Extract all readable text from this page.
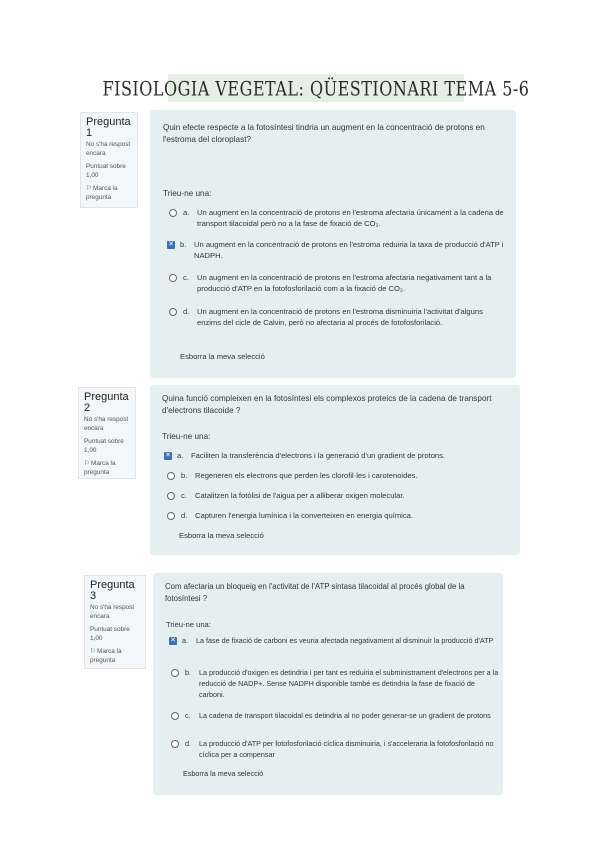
FISIOLOGIA VEGETAL: QÜESTIONARI TEMA 5-6
Pregunta 1
No s'ha respost encara
Puntuat sobre 1,00
⚐Marca la pregunta
Quin efecte respecte a la fotosíntesi tindria un augment en la concentració de protons en l'estroma del cloroplast?
Trieu-ne una:
a.	Un augment en la concentració de protons en l'estroma afectaria únicament a la cadena de transport tilacoidal però no a la fase de fixació de CO₂.
✕ b.	Un augment en la concentració de protons en l'estroma reduiria la taxa de producció d'ATP i NADPH.
c.	Un augment en la concentració de protons en l'estroma afectaria negativament tant a la producció d'ATP en la fotofosforilació com a la fixació de CO₂.
d.	Un augment en la concentració de protons en l'estroma disminuiria l'activitat d'alguns enzims del cicle de Calvin, però no afectaria al procés de fotofosforilació.
Esborra la meva selecció
Pregunta 2
No s'ha respost encara
Puntuat sobre 1,00
⚐Marca la pregunta
Quina funció compleixen en la fotosíntesi els complexos proteics de la cadena de transport d'electrons tilacoide ?
Trieu-ne una:
✕ a.	Faciliten la transferència d'electrons i la generació d'un gradient de protons.
b.	Regeneren els electrons que perden les clorofil·les i carotenoides.
c.	Catalitzen la fotòlisi de l'aigua per a alliberar oxigen molecular.
d.	Capturen l'energia lumínica i la converteixen en energia química.
Esborra la meva selecció
Pregunta 3
No s'ha respost encara
Puntuat sobre 1,00
⚐Marca la pregunta
Com afectaria un bloqueig en l'activitat de l'ATP sintasa tilacoidal al procés global de la fotosíntesi ?
Trieu-ne una:
✕ a.	La fase de fixació de carboni es veuria afectada negativament al disminuir la producció d'ATP
b.	La producció d'oxigen es detindria i per tant es reduiria el subministrament d'electrons per a la reducció de NADP+. Sense NADPH disponible també es detindria la fase de fixació de carboni.
c.	La cadena de transport tilacoidal es detindria al no poder generar-se un gradient de protons
d.	La producció d'ATP per fotofosforilació cíclica disminuiria, i s'acceleraria la fotofosforilació no cíclica per a compensar
Esborra la meva selecció
